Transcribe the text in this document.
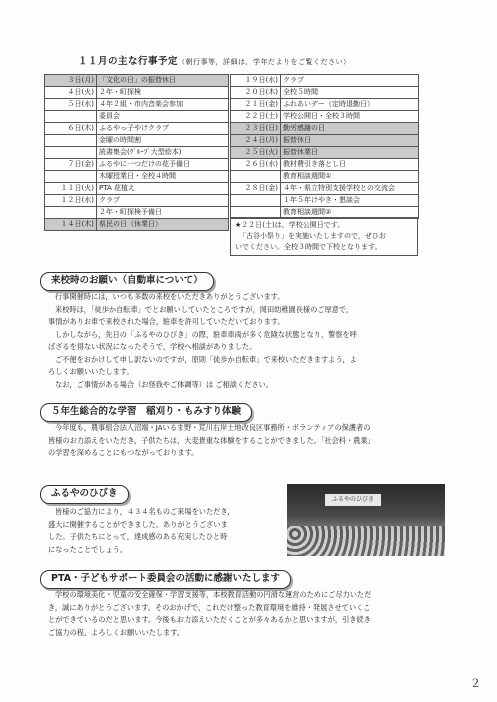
１１月の主な行事予定（朝行事等，詳細は，学年だよりをご覧ください）
３日(月)	「文化の日」の振替休日
４日(火)	２年・町探検
５日(水)	４年２組・市内音楽会参加
	委員会
６日(木)	ふるやっ子やけクラブ
	金曜の時間割
	読書集会(ｸﾞﾙｰﾌﾟ大型絵本)
７日(金)	ふるやに一つだけの花予備日
	木曜授業日・全校４時間
１１日(火)	PTA 花植え
１２日(水)	クラブ
	２年・町探検予備日
１４日(木)	県民の日（休業日）
１９日(水)	クラブ
２０日(木)	全校５時間
２１日(金)	ふれあいデー（定時退勤日）
２２日(土)	学校公開日・全校３時間
２３日(日)	勤労感謝の日
２４日(月)	振替休日
２５日(火)	振替休業日
２６日(水)	教材費引き落とし日
	教育相談週間①
２８日(金)	４年・県立特別支援学校との交流会
	１年５年けやき・懇談会
	教育相談週間②
★２２日(土)は，学校公開日です。
「古谷小祭り」を実施いたしますので，ぜひお
いでください。全校３時間で下校となります。
来校時のお願い（自動車について）
行事開催時には，いつも多数の来校をいただきありがとうございます。
来校時は，「徒歩か自転車」でとお願いしていたところですが，岡田幼稚園長様のご厚意で，
事情がありお車で来校された場合，駐車を許可していただいております。
しかしながら，先日の「ふるやのひびき」の際，駐車車両が多く危険な状態となり，警察を呼
ばざるを得ない状況になったそうで，学校へ相談がありました。
ご不便をおかけして申し訳ないのですが，原則「徒歩か自転車」で来校いただきますよう，よ
ろしくお願いいたします。
なお，ご事情がある場合（お怪我やご体調等）は ご相談ください。
５年生総合的な学習　稲刈り・もみすり体験
今年度も，農事組合法人沼端・JAいるま野・荒川右岸土地改良区事務所・ボランティアの保護者の
皆様のお力添えをいただき，子供たちは，大変貴重な体験をすることができました。「社会科・農業」
の学習を深めることにもつながっております。
ふるやのひびき
皆様のご協力により，４３４名ものご来場をいただき，
盛大に開催することができました。ありがとうございま
した。子供たちにとって，達成感のある充実したひと時
になったことでしょう。
ふるやのひびき
PTA・子どもサポート委員会の活動に感謝いたします
学校の環境美化・児童の安全確保・学習支援等，本校教育活動の円滑な運営のためにご尽力いただ
き，誠にありがとうございます。そのおかげで，これだけ整った教育環境を維持・発展させていくこ
とができているのだと思います。今後もお力添えいただくことが多々あるかと思いますが，引き続き
ご協力の程，よろしくお願いいたします。
２
